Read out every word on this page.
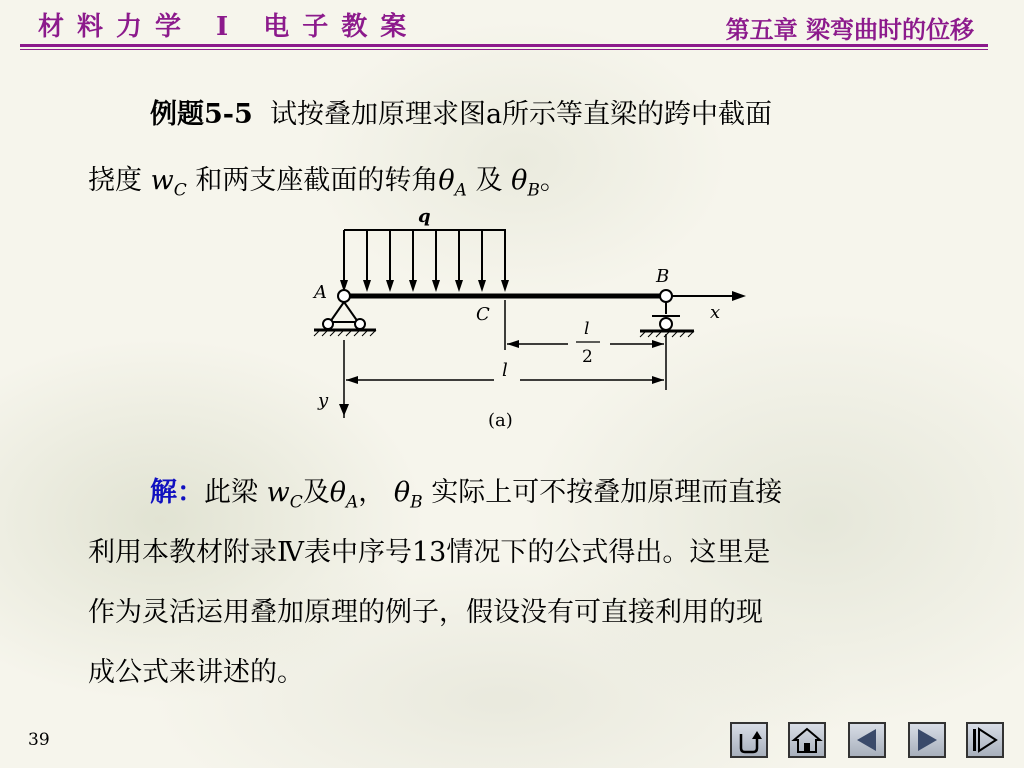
材料力学 I 电子教案	第五章 梁弯曲时的位移
例题5-5 试按叠加原理求图a所示等直梁的跨中截面
挠度 $w_C$ 和两支座截面的转角$\theta_A$ 及 $\theta_B$。
q
x
A
B
C
l
2
l
y
(a)
解：此梁 $w_C$及$\theta_A$， $\theta_B$ 实际上可不按叠加原理而直接
利用本教材附录Ⅳ表中序号13情况下的公式得出。这里是
作为灵活运用叠加原理的例子，假设没有可直接利用的现
成公式来讲述的。
39
